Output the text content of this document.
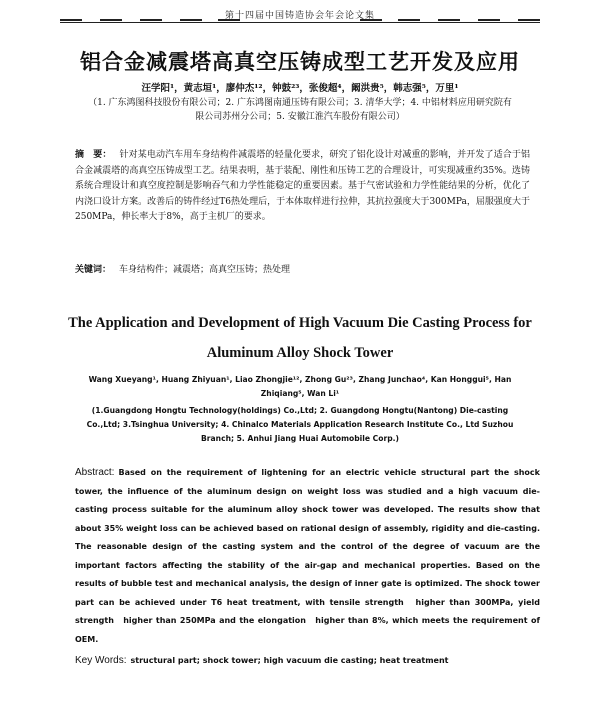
第十四届中国铸造协会年会论文集
铝合金减震塔高真空压铸成型工艺开发及应用
汪学阳¹，黄志垣¹，廖仲杰¹²，钟鼓²³，张俊超⁴，阚洪贵⁵，韩志强⁵，万里¹
（1. 广东鸿图科技股份有限公司；2. 广东鸿图南通压铸有限公司；3. 清华大学；4. 中铝材料应用研究院有
限公司苏州分公司；5. 安徽江淮汽车股份有限公司）
摘　要： 针对某电动汽车用车身结构件减震塔的轻量化要求，研究了铝化设计对减重的影响，并开发了适合于铝合金减震塔的高真空压铸成型工艺。结果表明，基于装配、刚性和压铸工艺的合理设计，可实现减重约35%。选铸系统合理设计和真空度控制是影响吞气和力学性能稳定的重要因素。基于气密试验和力学性能结果的分析，优化了内浇口设计方案。改善后的铸件经过T6热处理后，于本体取样进行拉伸，其抗拉强度大于300MPa，屈服强度大于250MPa，伸长率大于8%，高于主机厂的要求。
关键词： 车身结构件；减震塔；高真空压铸；热处理
The Application and Development of High Vacuum Die Casting Process for
Aluminum Alloy Shock Tower
Wang Xueyang¹, Huang Zhiyuan¹, Liao Zhongjie¹², Zhong Gu²³, Zhang Junchao⁴, Kan Honggui⁵, Han
Zhiqiang⁵, Wan Li¹
(1.Guangdong Hongtu Technology(holdings) Co.,Ltd; 2. Guangdong Hongtu(Nantong) Die-casting
Co.,Ltd; 3.Tsinghua University; 4. Chinalco Materials Application Research Institute Co., Ltd Suzhou
Branch; 5. Anhui Jiang Huai Automobile Corp.)
Abstract: Based on the requirement of lightening for an electric vehicle structural part the shock tower, the influence of the aluminum design on weight loss was studied and a high vacuum die-casting process suitable for the aluminum alloy shock tower was developed. The results show that about 35% weight loss can be achieved based on rational design of assembly, rigidity and die-casting. The reasonable design of the casting system and the control of the degree of vacuum are the important factors affecting the stability of the air-gap and mechanical properties. Based on the results of bubble test and mechanical analysis, the design of inner gate is optimized. The shock tower part can be achieved under T6 heat treatment, with tensile strength　higher than 300MPa, yield strength　higher than 250MPa and the elongation　higher than 8%, which meets the requirement of OEM.
Key Words: structural part; shock tower; high vacuum die casting; heat treatment
